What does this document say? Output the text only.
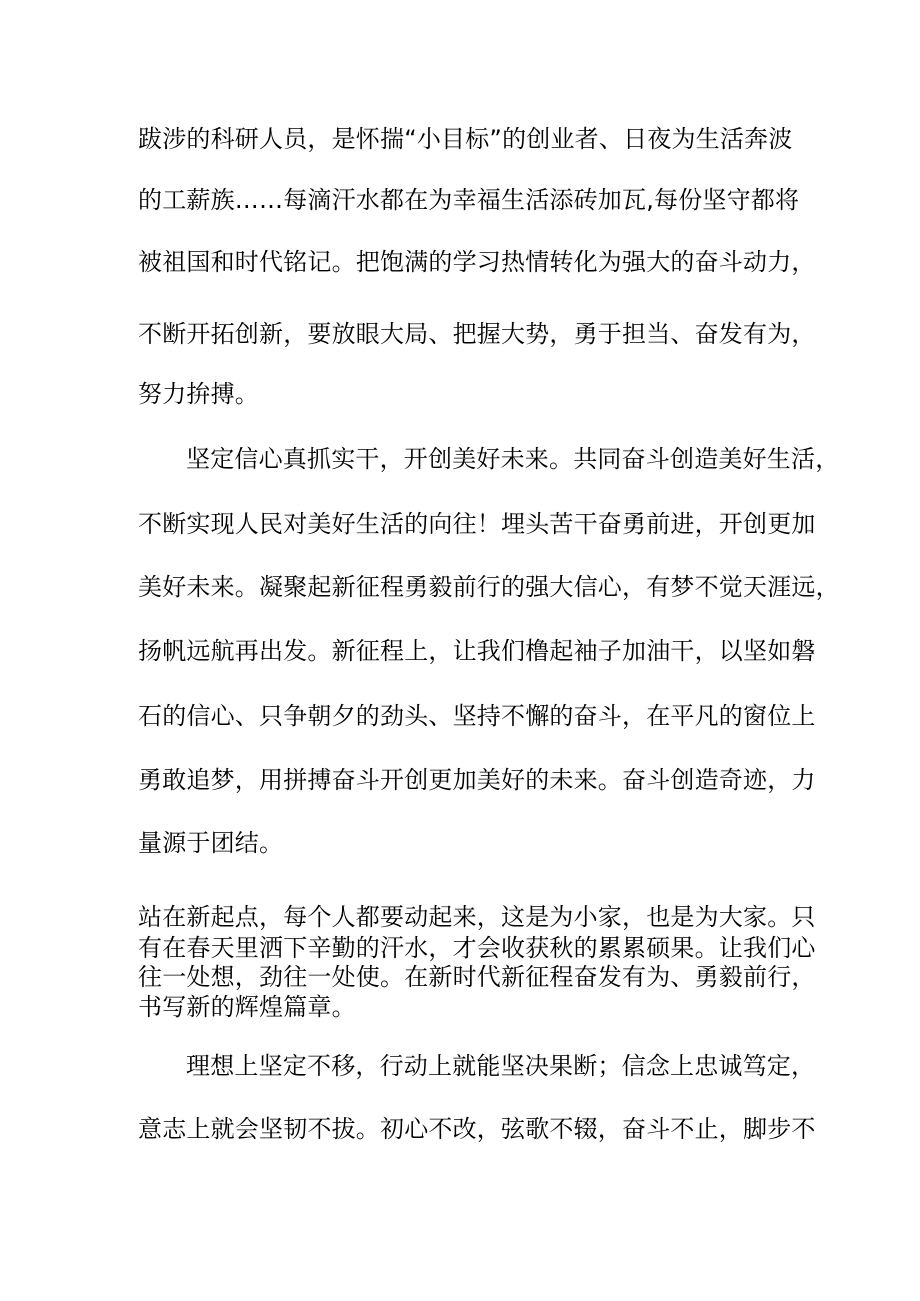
跋涉的科研人员，是怀揣“小目标”的创业者、日夜为生活奔波
的工薪族……每滴汗水都在为幸福生活添砖加瓦,每份坚守都将
被祖国和时代铭记。把饱满的学习热情转化为强大的奋斗动力，
不断开拓创新，要放眼大局、把握大势，勇于担当、奋发有为，
努力拚搏。
坚定信心真抓实干，开创美好未来。共同奋斗创造美好生活，
不断实现人民对美好生活的向往！埋头苦干奋勇前进，开创更加
美好未来。凝聚起新征程勇毅前行的强大信心，有梦不觉天涯远，
扬帆远航再出发。新征程上，让我们橹起袖子加油干，以坚如磐
石的信心、只争朝夕的劲头、坚持不懈的奋斗，在平凡的窗位上
勇敢追梦，用拼搏奋斗开创更加美好的未来。奋斗创造奇迹，力
量源于团结。
站在新起点，每个人都要动起来，这是为小家，也是为大家。只
有在春天里洒下辛勤的汗水，才会收获秋的累累硕果。让我们心
往一处想，劲往一处使。在新时代新征程奋发有为、勇毅前行，
书写新的辉煌篇章。
理想上坚定不移，行动上就能坚决果断；信念上忠诚笃定，
意志上就会坚韧不拔。初心不改，弦歌不辍，奋斗不止，脚步不
